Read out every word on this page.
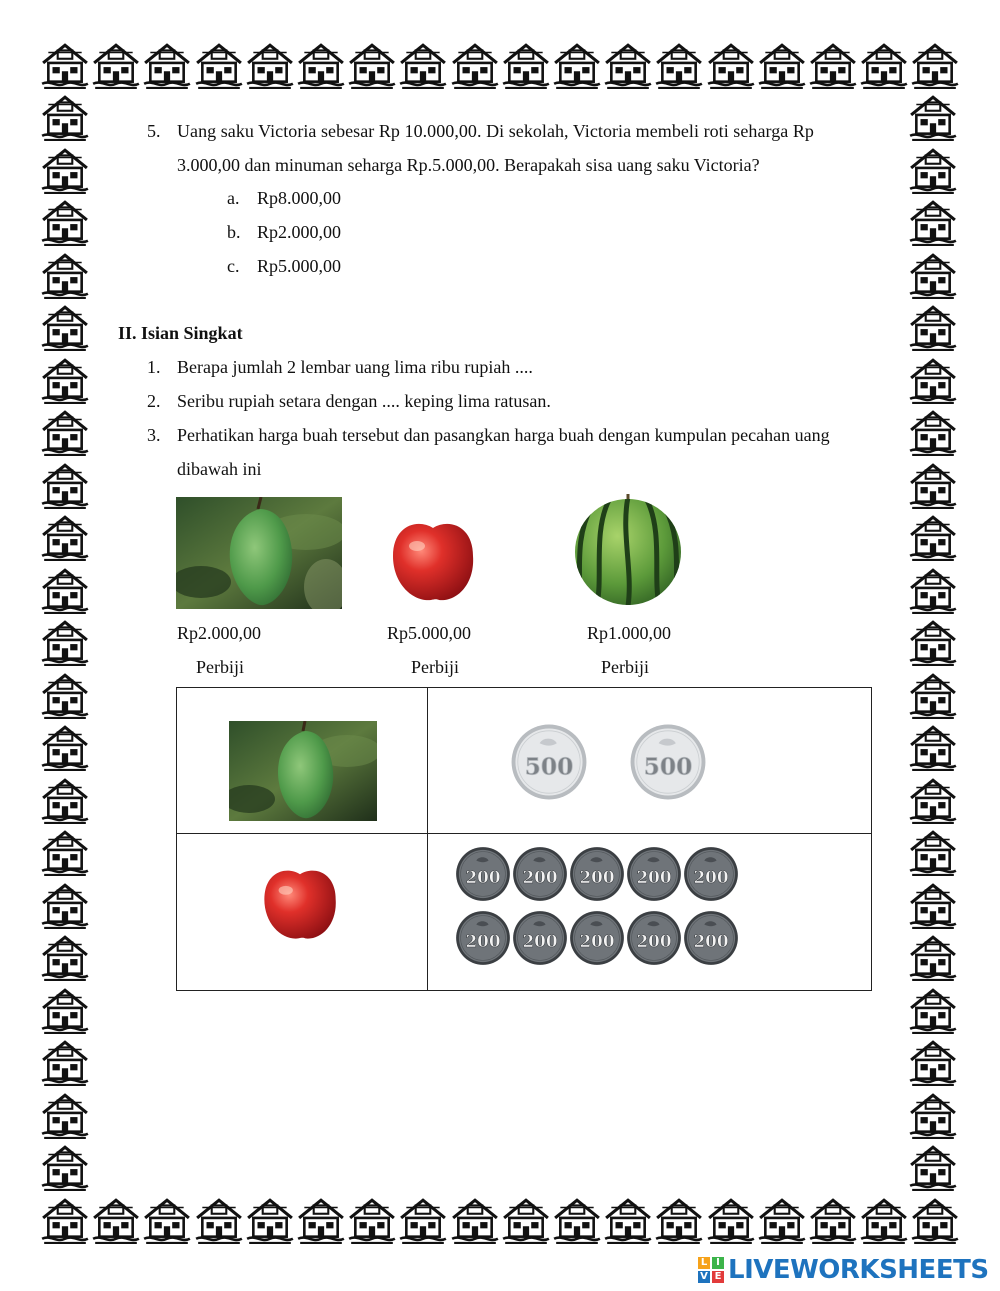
5. Uang saku Victoria sebesar Rp 10.000,00. Di sekolah, Victoria membeli roti seharga Rp
3.000,00 dan minuman seharga Rp.5.000,00. Berapakah sisa uang saku Victoria?
a. Rp8.000,00
b. Rp2.000,00
c. Rp5.000,00
II. Isian Singkat
1. Berapa jumlah 2 lembar uang lima ribu rupiah ....
2. Seribu rupiah setara dengan .... keping lima ratusan.
3. Perhatikan harga buah tersebut dan pasangkan harga buah dengan kumpulan pecahan uang
dibawah ini
Rp2.000,00	Rp5.000,00	Rp1.000,00
Perbiji	Perbiji	Perbiji
500 500
200 200 200 200 200
200 200 200 200 200
L I
V E LIVEWORKSHEETS
